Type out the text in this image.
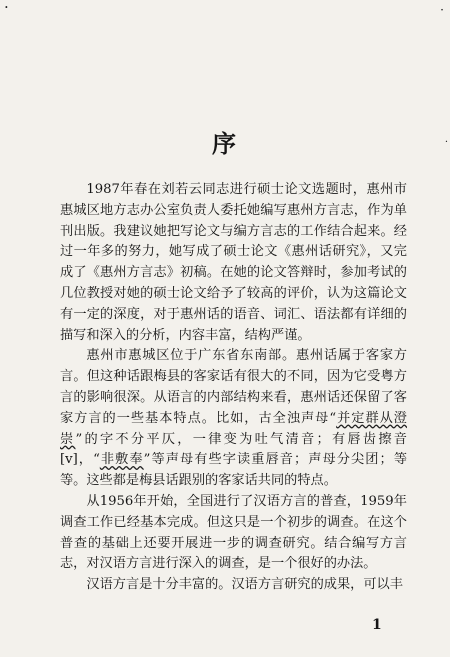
·	·
·
序

1987年春在刘若云同志进行硕士论文选题时，惠州市惠城区地方志办公室负责人委托她编写惠州方言志，作为单刊出版。我建议她把写论文与编方言志的工作结合起来。经过一年多的努力，她写成了硕士论文《惠州话研究》，又完成了《惠州方言志》初稿。在她的论文答辩时，参加考试的几位教授对她的硕士论文给予了较高的评价，认为这篇论文有一定的深度，对于惠州话的语音、词汇、语法都有详细的描写和深入的分析，内容丰富，结构严谨。

惠州市惠城区位于广东省东南部。惠州话属于客家方言。但这种话跟梅县的客家话有很大的不同，因为它受粤方言的影响很深。从语言的内部结构来看，惠州话还保留了客家方言的一些基本特点。比如，古全浊声母“并定群从澄崇”的字不分平仄，一律变为吐气清音；有唇齿擦音[v]，“非敷奉”等声母有些字读重唇音；声母分尖团；等等。这些都是梅县话跟别的客家话共同的特点。

从1956年开始，全国进行了汉语方言的普查，1959年调查工作已经基本完成。但这只是一个初步的调查。在这个普查的基础上还要开展进一步的调查研究。结合编写方言志，对汉语方言进行深入的调查，是一个很好的办法。

汉语方言是十分丰富的。汉语方言研究的成果，可以丰

1
